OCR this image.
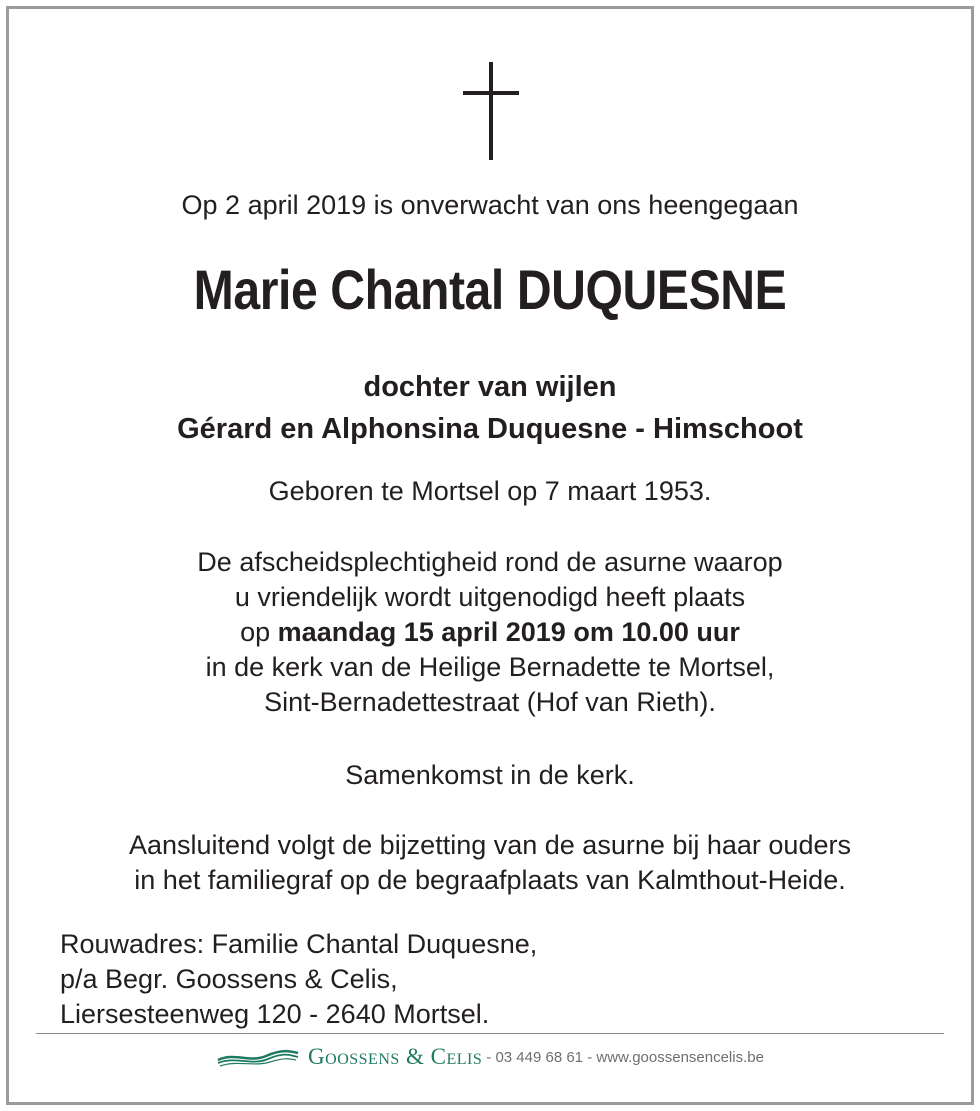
Op 2 april 2019 is onverwacht van ons heengegaan
Marie Chantal DUQUESNE
dochter van wijlen
Gérard en Alphonsina Duquesne - Himschoot
Geboren te Mortsel op 7 maart 1953.
De afscheidsplechtigheid rond de asurne waarop
u vriendelijk wordt uitgenodigd heeft plaats
op maandag 15 april 2019 om 10.00 uur
in de kerk van de Heilige Bernadette te Mortsel,
Sint-Bernadettestraat (Hof van Rieth).
Samenkomst in de kerk.
Aansluitend volgt de bijzetting van de asurne bij haar ouders
in het familiegraf op de begraafplaats van Kalmthout-Heide.
Rouwadres: Familie Chantal Duquesne,
p/a Begr. Goossens & Celis,
Liersesteenweg 120 - 2640 Mortsel.
Goossens & Celis - 03 449 68 61 - www.goossensencelis.be
